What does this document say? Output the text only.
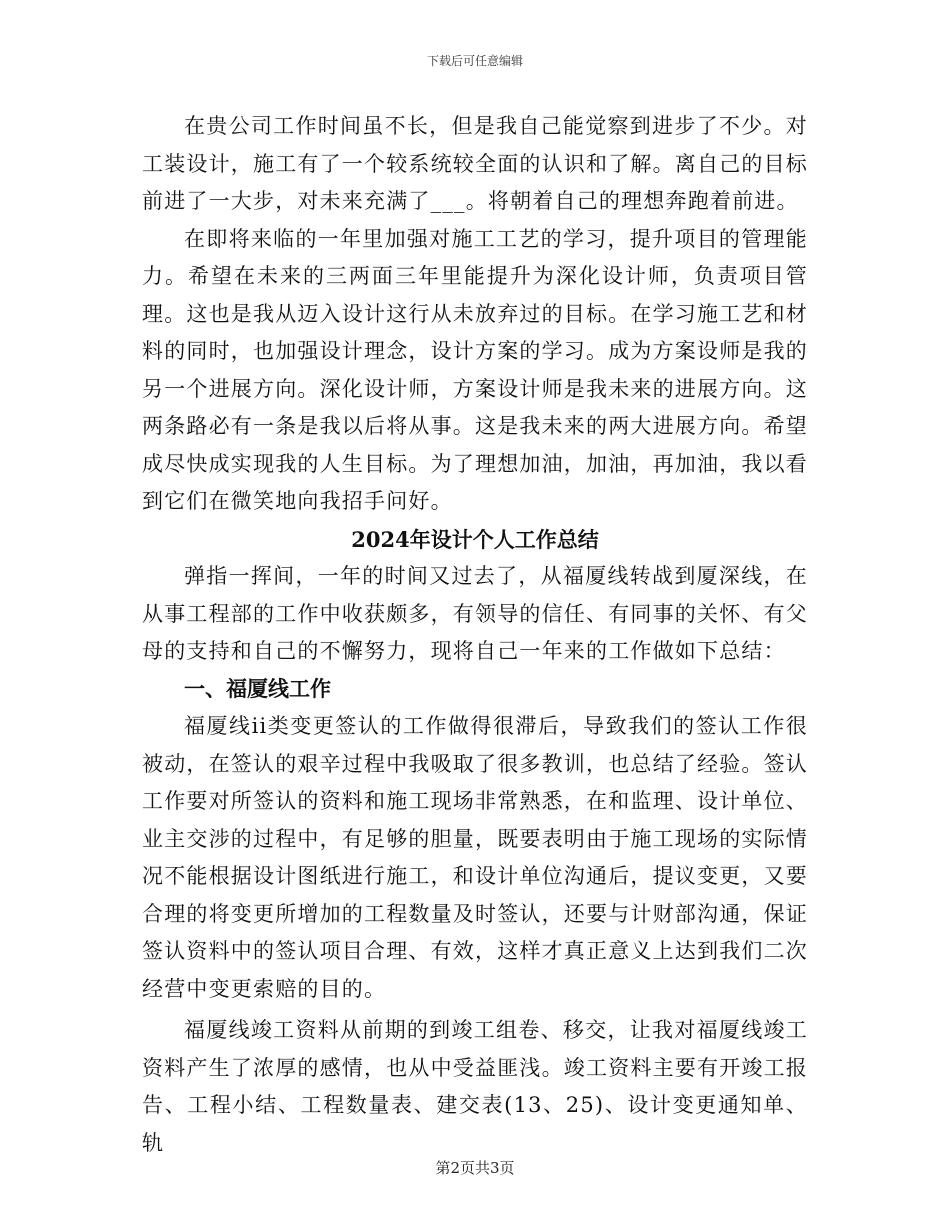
下载后可任意编辑

在贵公司工作时间虽不长，但是我自己能觉察到进步了不少。对工装设计，施工有了一个较系统较全面的认识和了解。离自己的目标前进了一大步，对未来充满了___。将朝着自己的理想奔跑着前进。

在即将来临的一年里加强对施工工艺的学习，提升项目的管理能力。希望在未来的三两面三年里能提升为深化设计师，负责项目管理。这也是我从迈入设计这行从未放弃过的目标。在学习施工艺和材料的同时，也加强设计理念，设计方案的学习。成为方案设师是我的另一个进展方向。深化设计师，方案设计师是我未来的进展方向。这两条路必有一条是我以后将从事。这是我未来的两大进展方向。希望成尽快成实现我的人生目标。为了理想加油，加油，再加油，我以看到它们在微笑地向我招手问好。

2024年设计个人工作总结

弹指一挥间，一年的时间又过去了，从福厦线转战到厦深线，在从事工程部的工作中收获颇多，有领导的信任、有同事的关怀、有父母的支持和自己的不懈努力，现将自己一年来的工作做如下总结：

一、福厦线工作

福厦线ii类变更签认的工作做得很滞后，导致我们的签认工作很被动，在签认的艰辛过程中我吸取了很多教训，也总结了经验。签认工作要对所签认的资料和施工现场非常熟悉，在和监理、设计单位、业主交涉的过程中，有足够的胆量，既要表明由于施工现场的实际情况不能根据设计图纸进行施工，和设计单位沟通后，提议变更，又要合理的将变更所增加的工程数量及时签认，还要与计财部沟通，保证签认资料中的签认项目合理、有效，这样才真正意义上达到我们二次经营中变更索赔的目的。

福厦线竣工资料从前期的到竣工组卷、移交，让我对福厦线竣工资料产生了浓厚的感情，也从中受益匪浅。竣工资料主要有开竣工报告、工程小结、工程数量表、建交表(13、25)、设计变更通知单、轨

第2页共3页
